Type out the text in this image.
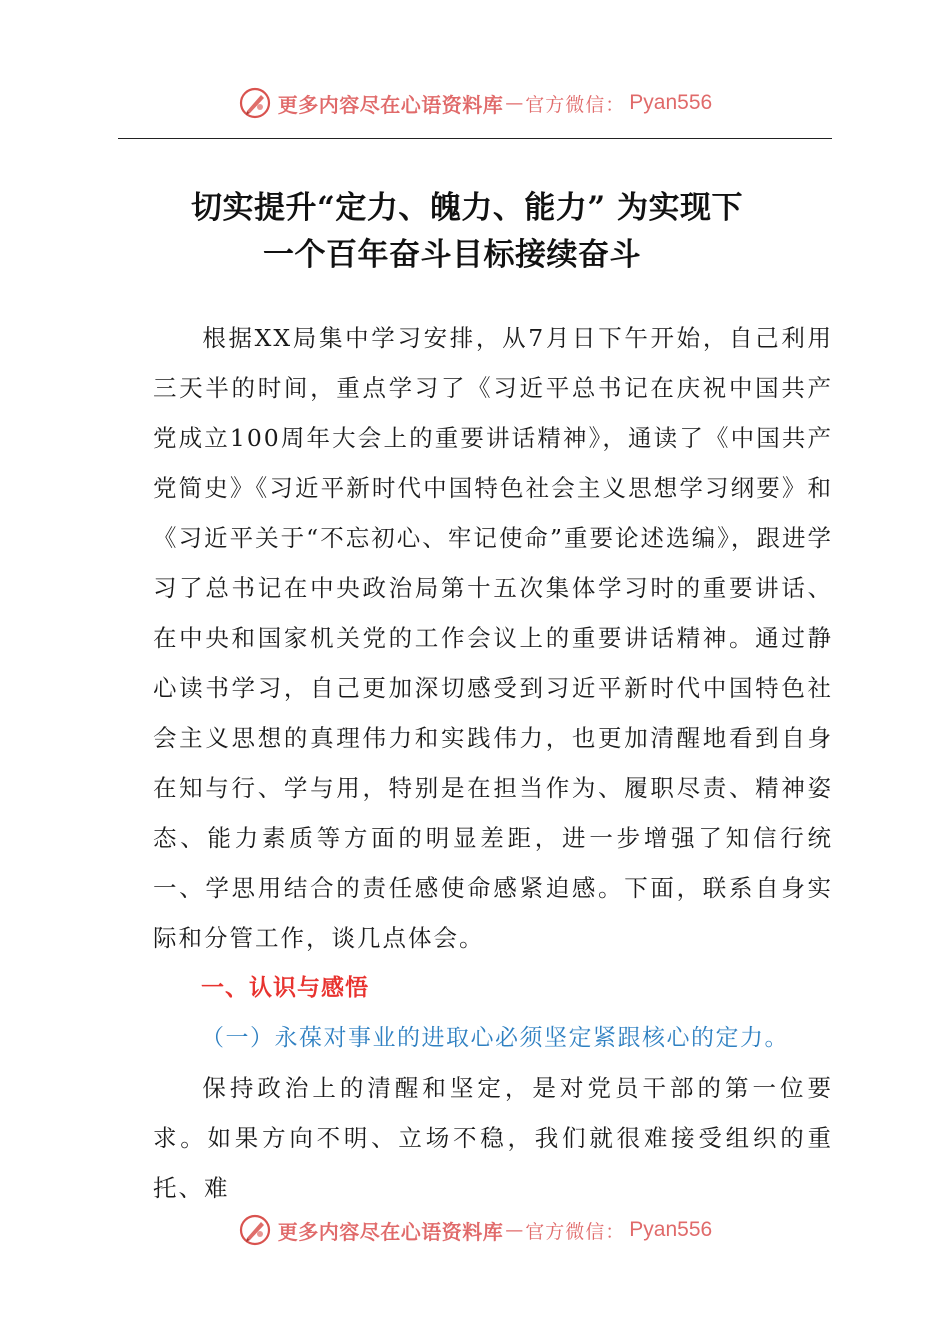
更多内容尽在心语资料库 — 官方微信： Pyan556
切实提升“定力、魄力、能力” 为实现下
一个百年奋斗目标接续奋斗

根据XX局集中学习安排，从7月日下午开始，自己利用三天半的时间，重点学习了《习近平总书记在庆祝中国共产党成立100周年大会上的重要讲话精神》，通读了《中国共产党简史》《习近平新时代中国特色社会主义思想学习纲要》和《习近平关于“不忘初心、牢记使命”重要论述选编》，跟进学习了总书记在中央政治局第十五次集体学习时的重要讲话、在中央和国家机关党的工作会议上的重要讲话精神。通过静心读书学习，自己更加深切感受到习近平新时代中国特色社会主义思想的真理伟力和实践伟力，也更加清醒地看到自身在知与行、学与用，特别是在担当作为、履职尽责、精神姿态、能力素质等方面的明显差距，进一步增强了知信行统一、学思用结合的责任感使命感紧迫感。下面，联系自身实际和分管工作，谈几点体会。

一、认识与感悟

（一）永葆对事业的进取心必须坚定紧跟核心的定力。

保持政治上的清醒和坚定，是对党员干部的第一位要求。如果方向不明、立场不稳，我们就很难接受组织的重托、难

更多内容尽在心语资料库 — 官方微信： Pyan556
